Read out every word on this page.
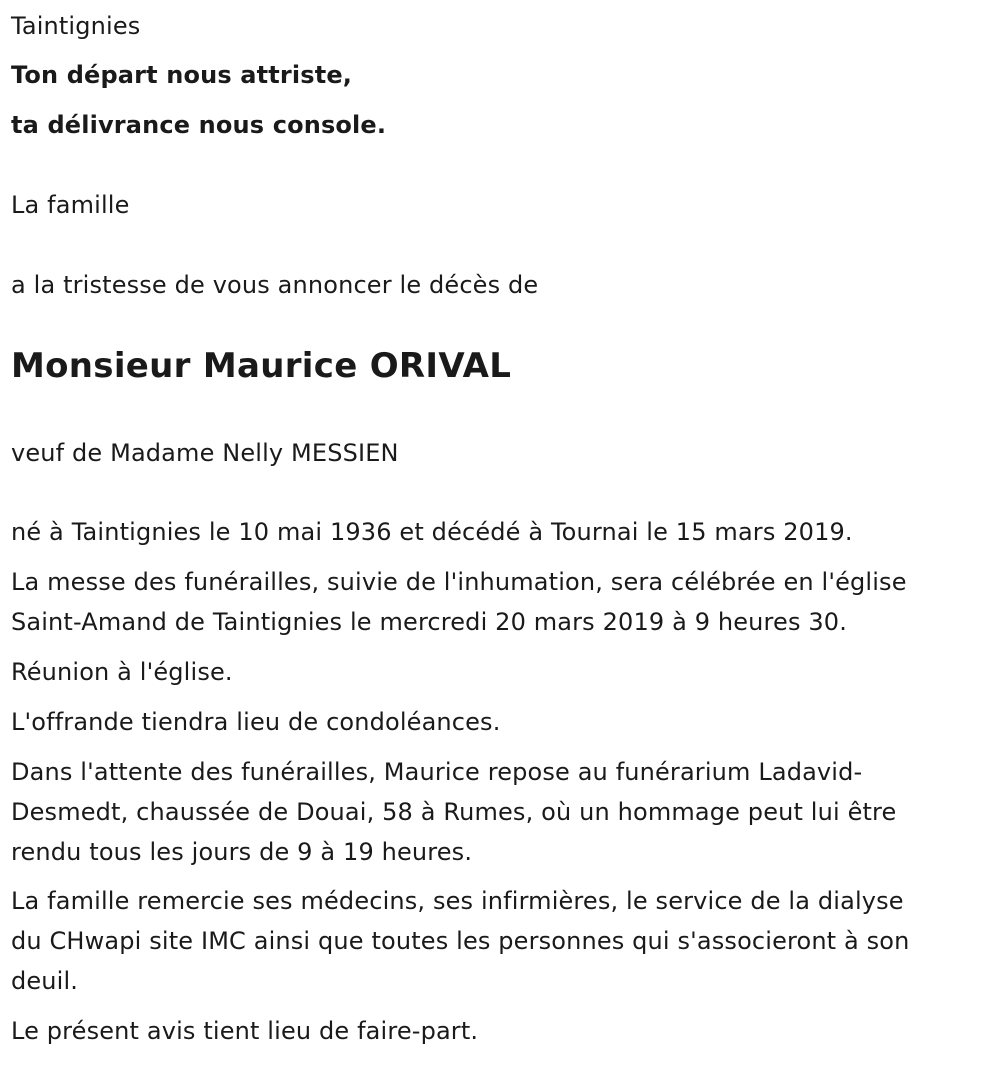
Taintignies

Ton départ nous attriste,

ta délivrance nous console.

La famille

a la tristesse de vous annoncer le décès de

Monsieur Maurice ORIVAL

veuf de Madame Nelly MESSIEN

né à Taintignies le 10 mai 1936 et décédé à Tournai le 15 mars 2019.

La messe des funérailles, suivie de l'inhumation, sera célébrée en l'église

Saint-Amand de Taintignies le mercredi 20 mars 2019 à 9 heures 30.

Réunion à l'église.

L'offrande tiendra lieu de condoléances.

Dans l'attente des funérailles, Maurice repose au funérarium Ladavid-

Desmedt, chaussée de Douai, 58 à Rumes, où un hommage peut lui être

rendu tous les jours de 9 à 19 heures.

La famille remercie ses médecins, ses infirmières, le service de la dialyse

du CHwapi site IMC ainsi que toutes les personnes qui s'associeront à son

deuil.

Le présent avis tient lieu de faire-part.
